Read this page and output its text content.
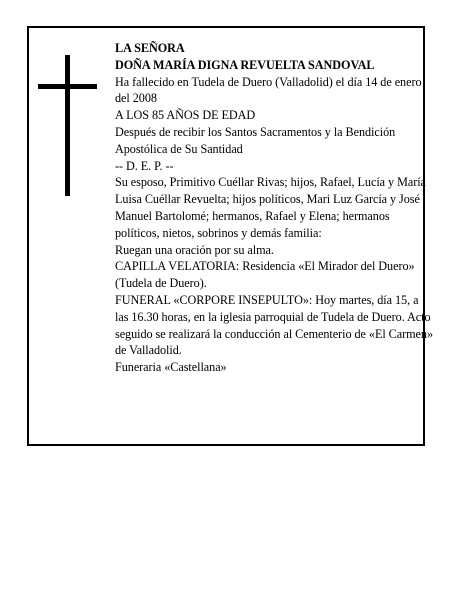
LA SEÑORA

DOÑA MARÍA DIGNA REVUELTA SANDOVAL

Ha fallecido en Tudela de Duero (Valladolid) el día 14 de enero del 2008

A LOS 85 AÑOS DE EDAD

Después de recibir los Santos Sacramentos y la Bendición Apostólica de Su Santidad

-- D. E. P. --

Su esposo, Primitivo Cuéllar Rivas; hijos, Rafael, Lucía y María Luisa Cuéllar Revuelta; hijos políticos, Mari Luz García y José Manuel Bartolomé; hermanos, Rafael y Elena; hermanos políticos, nietos, sobrinos y demás familia:

Ruegan una oración por su alma.

CAPILLA VELATORIA: Residencia «El Mirador del Duero» (Tudela de Duero).

FUNERAL «CORPORE INSEPULTO»: Hoy martes, día 15, a las 16.30 horas, en la iglesia parroquial de Tudela de Duero. Acto seguido se realizará la conducción al Cementerio de «El Carmen» de Valladolid.

Funeraria «Castellana»
